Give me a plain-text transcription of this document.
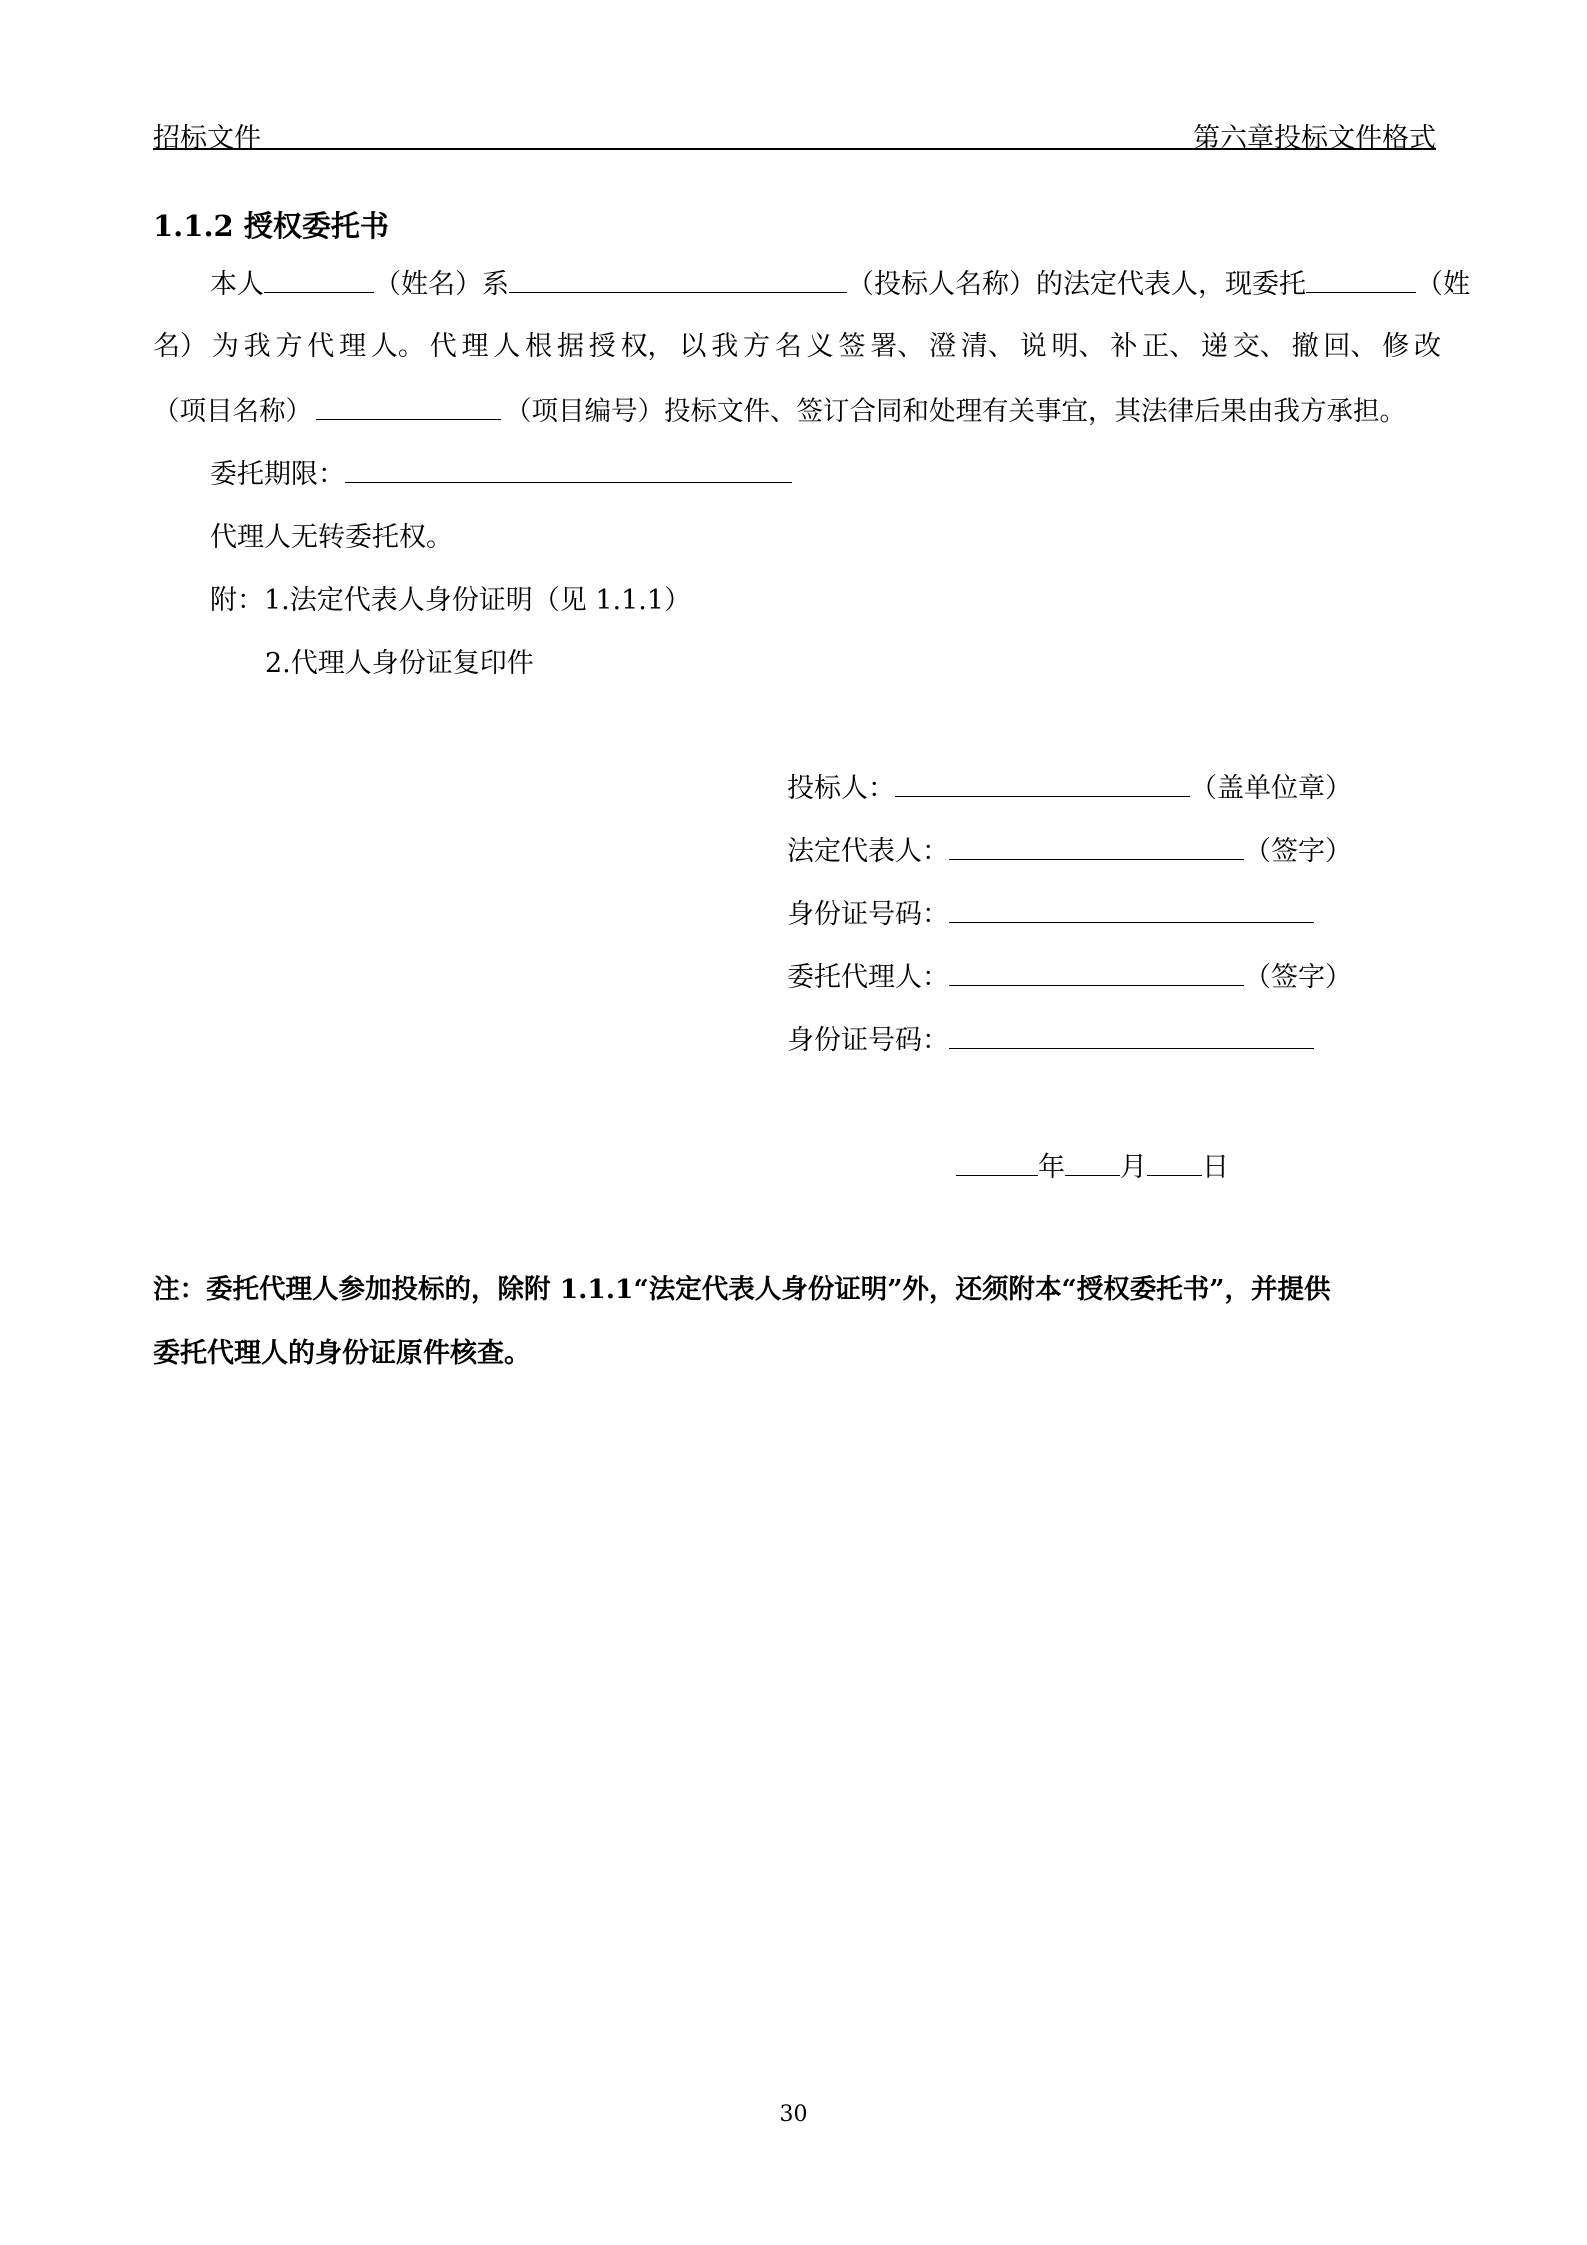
招标文件	第六章投标文件格式
1.1.2 授权委托书
本人	（姓名）系	（投标人名称）的法定代表人，现委托	（姓
名） 为 我 方 代 理 人。 代 理 人 根 据 授 权， 以 我 方 名 义 签 署、 澄 清、 说 明、 补 正、 递 交、 撤 回、 修 改
（项目名称）	（项目编号）投标文件、签订合同和处理有关事宜，其法律后果由我方承担。
委托期限：
代理人无转委托权。
附：1.法定代表人身份证明（见 1.1.1）
2.代理人身份证复印件
投标人：	（盖单位章）
法定代表人：	（签字）
身份证号码：
委托代理人：	（签字）
身份证号码：
年 月 日
注：委托代理人参加投标的，除附 1.1.1“法定代表人身份证明”外，还须附本“授权委托书”，并提供
委托代理人的身份证原件核查。
30
